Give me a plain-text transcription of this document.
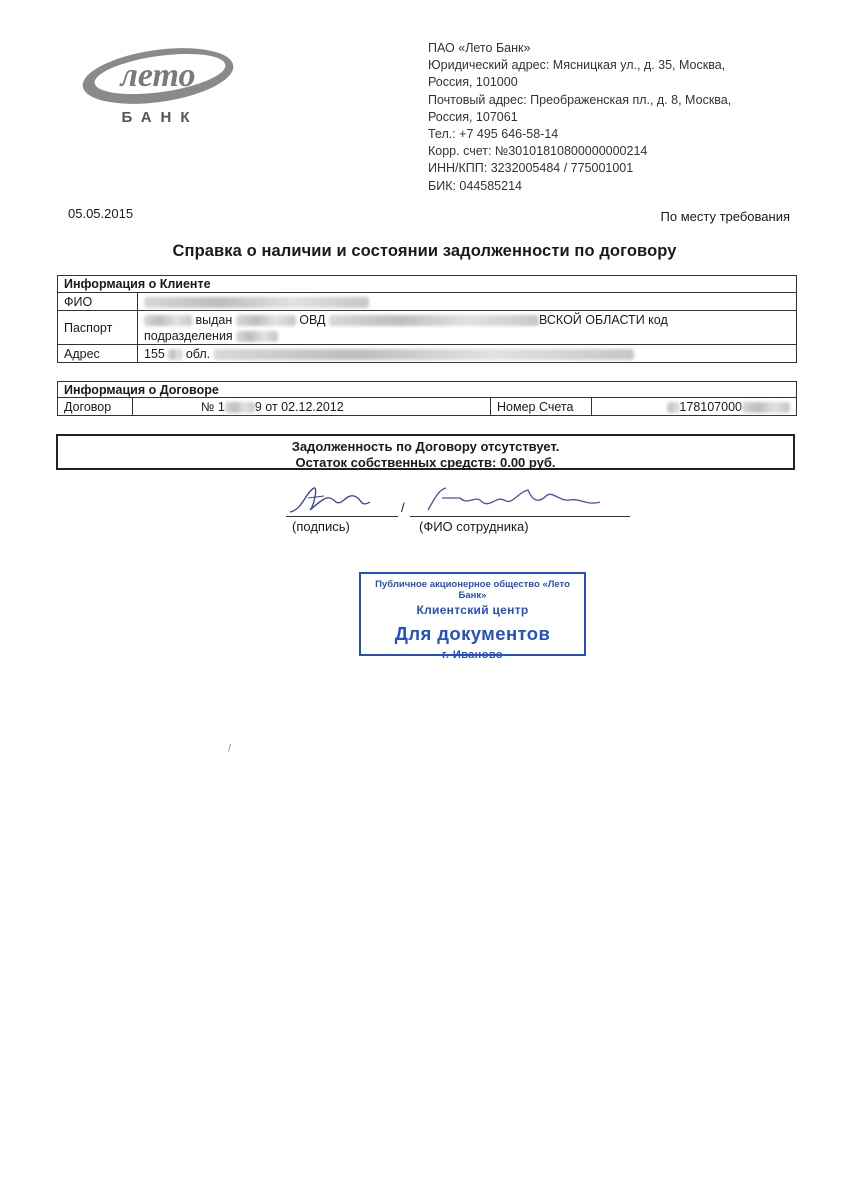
лето
БАНК
ПАО «Лето Банк»
Юридический адрес: Мясницкая ул., д. 35, Москва,
Россия, 101000
Почтовый адрес: Преображенская пл., д. 8, Москва,
Россия, 107061
Тел.: +7 495 646-58-14
Корр. счет: №30101810800000000214
ИНН/КПП: 3232005484 / 775001001
БИК: 044585214
05.05.2015	По месту требования
Справка о наличии и состоянии задолженности по договору
Информация о Клиенте	
ФИО	
Паспорт	выдан ОВД ВСКОЙ ОБЛАСТИ код
подразделения
Адрес	155 обл.
Информация о Договоре
Договор	№ 1 9 от 02.12.2012	Номер Счета	178107000
Задолженность по Договору отсутствует.
Остаток собственных средств: 0.00 руб.
/
(подпись)	(ФИО сотрудника)
Публичное акционерное общество «Лето Банк»
Клиентский центр
Для документов
г. Иваново
